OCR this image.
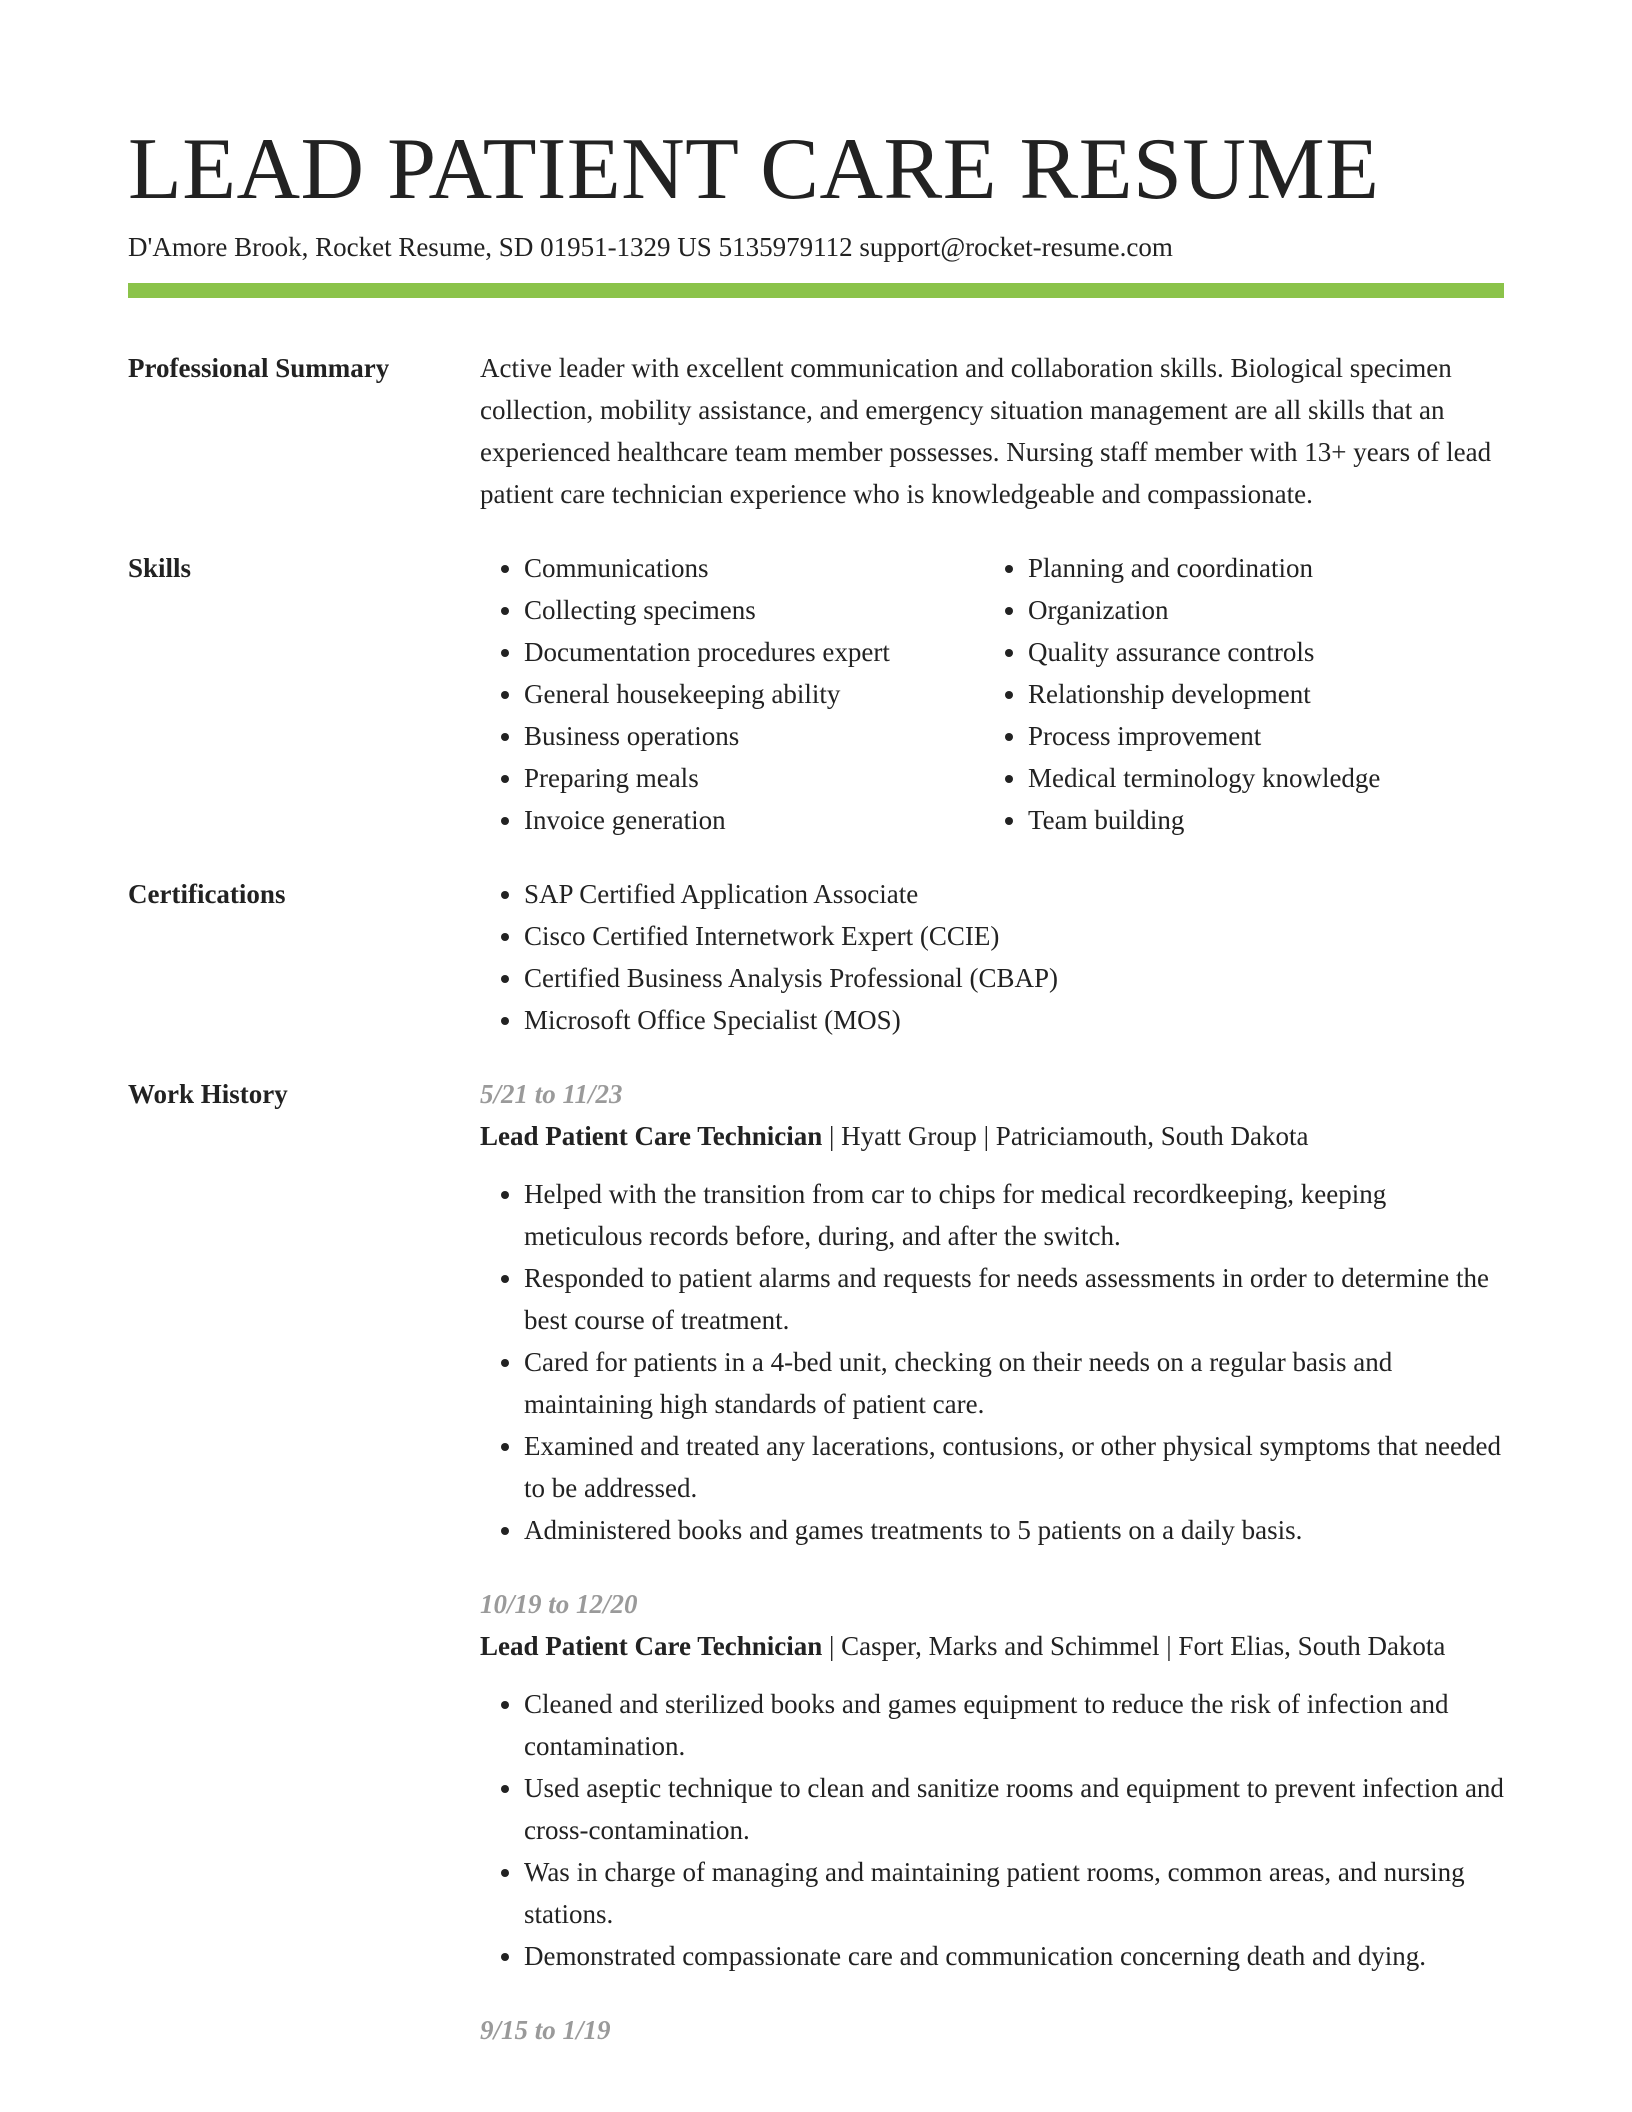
LEAD PATIENT CARE RESUME
D'Amore Brook, Rocket Resume, SD 01951-1329 US 5135979112 support@rocket-resume.com
Professional Summary	Active leader with excellent communication and collaboration skills. Biological specimen collection, mobility assistance, and emergency situation management are all skills that an experienced healthcare team member possesses. Nursing staff member with 13+ years of lead patient care technician experience who is knowledgeable and compassionate.

Skills	• Communications
• Collecting specimens
• Documentation procedures expert
• General housekeeping ability
• Business operations
• Preparing meals
• Invoice generation
• Planning and coordination
• Organization
• Quality assurance controls
• Relationship development
• Process improvement
• Medical terminology knowledge
• Team building
Certifications	• SAP Certified Application Associate
• Cisco Certified Internetwork Expert (CCIE)
• Certified Business Analysis Professional (CBAP)
• Microsoft Office Specialist (MOS)
Work History	5/21 to 11/23
Lead Patient Care Technician | Hyatt Group | Patriciamouth, South Dakota
• Helped with the transition from car to chips for medical recordkeeping, keeping meticulous records before, during, and after the switch.
• Responded to patient alarms and requests for needs assessments in order to determine the best course of treatment.
• Cared for patients in a 4-bed unit, checking on their needs on a regular basis and maintaining high standards of patient care.
• Examined and treated any lacerations, contusions, or other physical symptoms that needed to be addressed.
• Administered books and games treatments to 5 patients on a daily basis.
10/19 to 12/20
Lead Patient Care Technician | Casper, Marks and Schimmel | Fort Elias, South Dakota
• Cleaned and sterilized books and games equipment to reduce the risk of infection and contamination.
• Used aseptic technique to clean and sanitize rooms and equipment to prevent infection and cross-contamination.
• Was in charge of managing and maintaining patient rooms, common areas, and nursing stations.
• Demonstrated compassionate care and communication concerning death and dying.
9/15 to 1/19
